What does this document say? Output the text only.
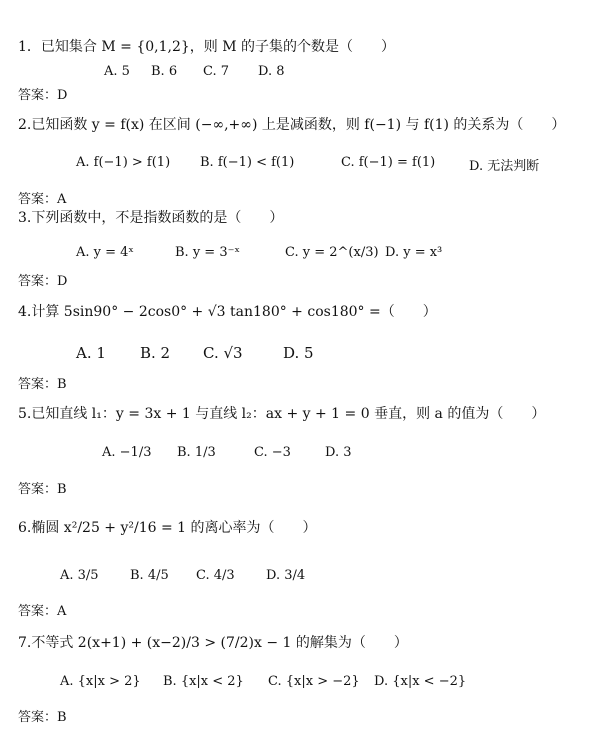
1．已知集合 M = {0,1,2}，则 M 的子集的个数是（　　）
A. 5 B. 6 C. 7 D. 8
答案：D
2.已知函数 y = f(x) 在区间 (−∞,+∞) 上是减函数，则 f(−1) 与 f(1) 的关系为（　　）
A. f(−1) > f(1) B. f(−1) < f(1)	C. f(−1) = f(1)	D. 无法判断
答案：A
3.下列函数中，不是指数函数的是（　　）
A. y = 4ˣ	B. y = 3⁻ˣ	C. y = 2^(x/3) D. y = x³
答案：D
4.计算 5sin90° − 2cos0° + √3 tan180° + cos180° =（　　）
A. 1 B. 2 C. √3	D. 5
答案：B
5.已知直线 l₁：y = 3x + 1 与直线 l₂：ax + y + 1 = 0 垂直，则 a 的值为（　　）
A. −1/3 B. 1/3	C. −3	D. 3
答案：B
6.椭圆 x²/25 + y²/16 = 1 的离心率为（　　）
A. 3/5 B. 4/5 C. 4/3 D. 3/4
答案：A
7.不等式 2(x+1) + (x−2)/3 > (7/2)x − 1 的解集为（　　）
A. {x|x > 2} B. {x|x < 2} C. {x|x > −2} D. {x|x < −2}
答案：B
